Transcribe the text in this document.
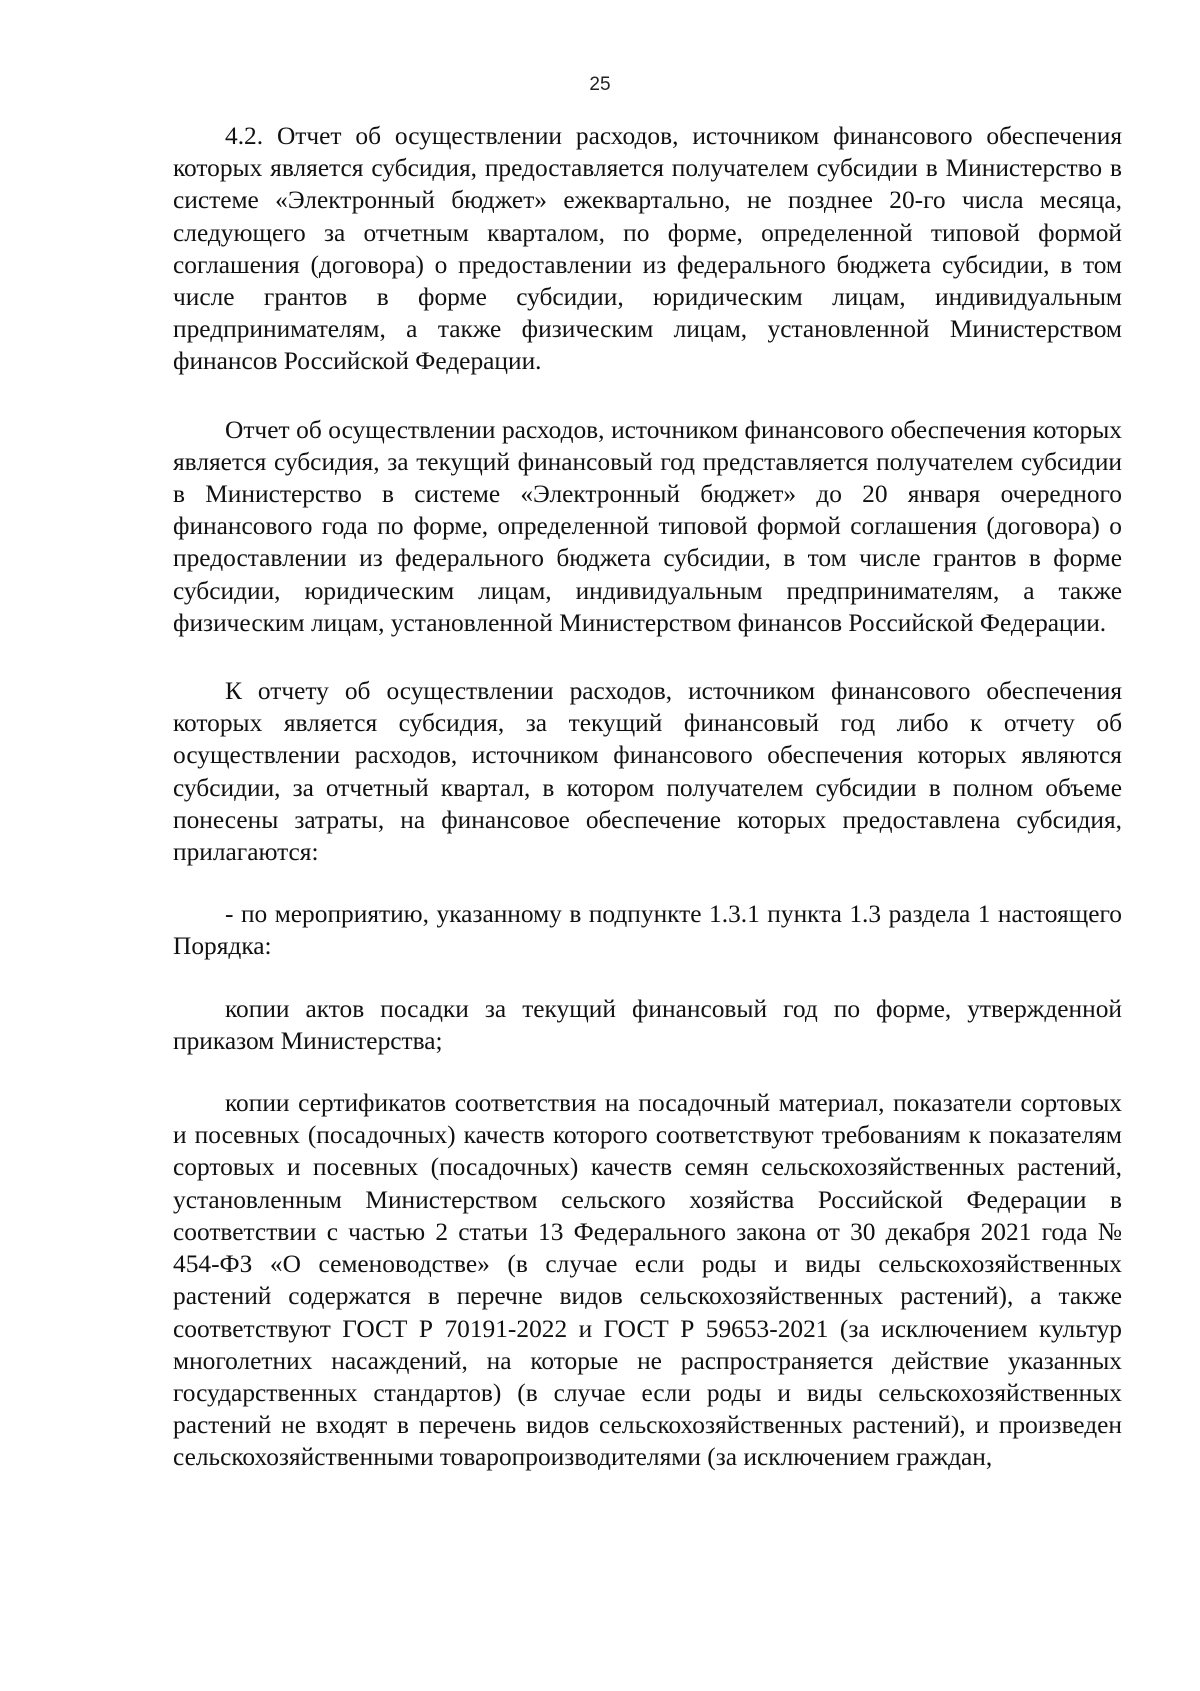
25

4.2. Отчет об осуществлении расходов, источником финансового обеспечения которых является субсидия, предоставляется получателем субсидии в Министерство в системе «Электронный бюджет» ежеквартально, не позднее 20-го числа месяца, следующего за отчетным кварталом, по форме, определенной типовой формой соглашения (договора) о предоставлении из федерального бюджета субсидии, в том числе грантов в форме субсидии, юридическим лицам, индивидуальным предпринимателям, а также физическим лицам, установленной Министерством финансов Российской Федерации.

Отчет об осуществлении расходов, источником финансового обеспечения которых является субсидия, за текущий финансовый год представляется получателем субсидии в Министерство в системе «Электронный бюджет» до 20 января очередного финансового года по форме, определенной типовой формой соглашения (договора) о предоставлении из федерального бюджета субсидии, в том числе грантов в форме субсидии, юридическим лицам, индивидуальным предпринимателям, а также физическим лицам, установленной Министерством финансов Российской Федерации.

К отчету об осуществлении расходов, источником финансового обеспечения которых является субсидия, за текущий финансовый год либо к отчету об осуществлении расходов, источником финансового обеспечения которых являются субсидии, за отчетный квартал, в котором получателем субсидии в полном объеме понесены затраты, на финансовое обеспечение которых предоставлена субсидия, прилагаются:

- по мероприятию, указанному в подпункте 1.3.1 пункта 1.3 раздела 1 настоящего Порядка:

копии актов посадки за текущий финансовый год по форме, утвержденной приказом Министерства;

копии сертификатов соответствия на посадочный материал, показатели сортовых и посевных (посадочных) качеств которого соответствуют требованиям к показателям сортовых и посевных (посадочных) качеств семян сельскохозяйственных растений, установленным Министерством сельского хозяйства Российской Федерации в соответствии с частью 2 статьи 13 Федерального закона от 30 декабря 2021 года № 454-ФЗ «О семеноводстве» (в случае если роды и виды сельскохозяйственных растений содержатся в перечне видов сельскохозяйственных растений), а также соответствуют ГОСТ Р 70191-2022 и ГОСТ Р 59653-2021 (за исключением культур многолетних насаждений, на которые не распространяется действие указанных государственных стандартов) (в случае если роды и виды сельскохозяйственных растений не входят в перечень видов сельскохозяйственных растений), и произведен сельскохозяйственными товаропроизводителями (за исключением граждан,
